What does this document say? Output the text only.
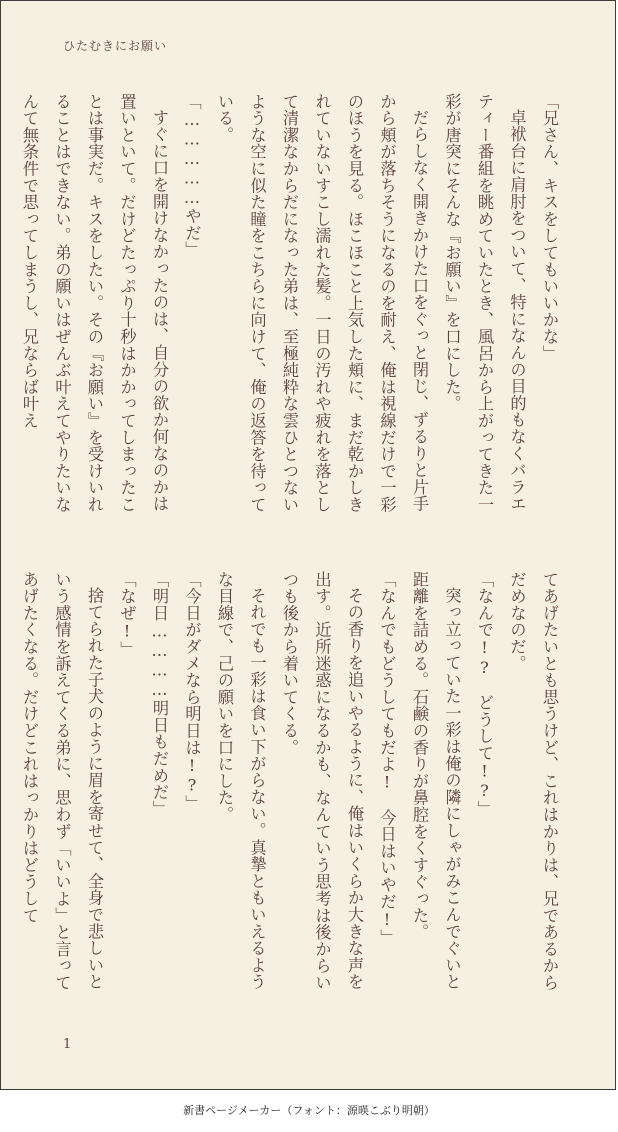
ひたむきにお願い

「兄さん、キスをしてもいいかな」

卓袱台に肩肘をついて、特になんの目的もなくバラエティー番組を眺めていたとき、風呂から上がってきた一彩が唐突にそんな『お願い』を口にした。

だらしなく開きかけた口をぐっと閉じ、ずるりと片手から頬が落ちそうになるのを耐え、俺は視線だけで一彩のほうを見る。ほこほこと上気した頬に、まだ乾かしきれていないすこし濡れた髪。一日の汚れや疲れを落として清潔なからだになった弟は、至極純粋な雲ひとつないような空に似た瞳をこちらに向けて、俺の返答を待っている。

「……………やだ」

すぐに口を開けなかったのは、自分の欲か何なのかは置いといて。だけどたっぷり十秒はかかってしまったことは事実だ。キスをしたい。その『お願い』を受けいれることはできない。弟の願いはぜんぶ叶えてやりたいなんて無条件で思ってしまうし、兄ならば叶え

てあげたいとも思うけど、これはかりは、兄であるからだめなのだ。

「なんで!?　どうして!?」

突っ立っていた一彩は俺の隣にしゃがみこんでぐいと距離を詰める。石鹸の香りが鼻腔をくすぐった。

「なんでもどうしてもだよ!　今日はいやだ!」

その香りを追いやるように、俺はいくらか大きな声を出す。近所迷惑になるかも、なんていう思考は後からいつも後から着いてくる。

それでも一彩は食い下がらない。真摯ともいえるような目線で、己の願いを口にした。

「今日がダメなら明日は!?」

「明日…………明日もだめだ」

「なぜ!」

捨てられた子犬のように眉を寄せて、全身で悲しいという感情を訴えてくる弟に、思わず「いいよ」と言ってあげたくなる。だけどこれはっかりはどうして

1
新書ページメーカー（フォント：源暎こぶり明朝）
